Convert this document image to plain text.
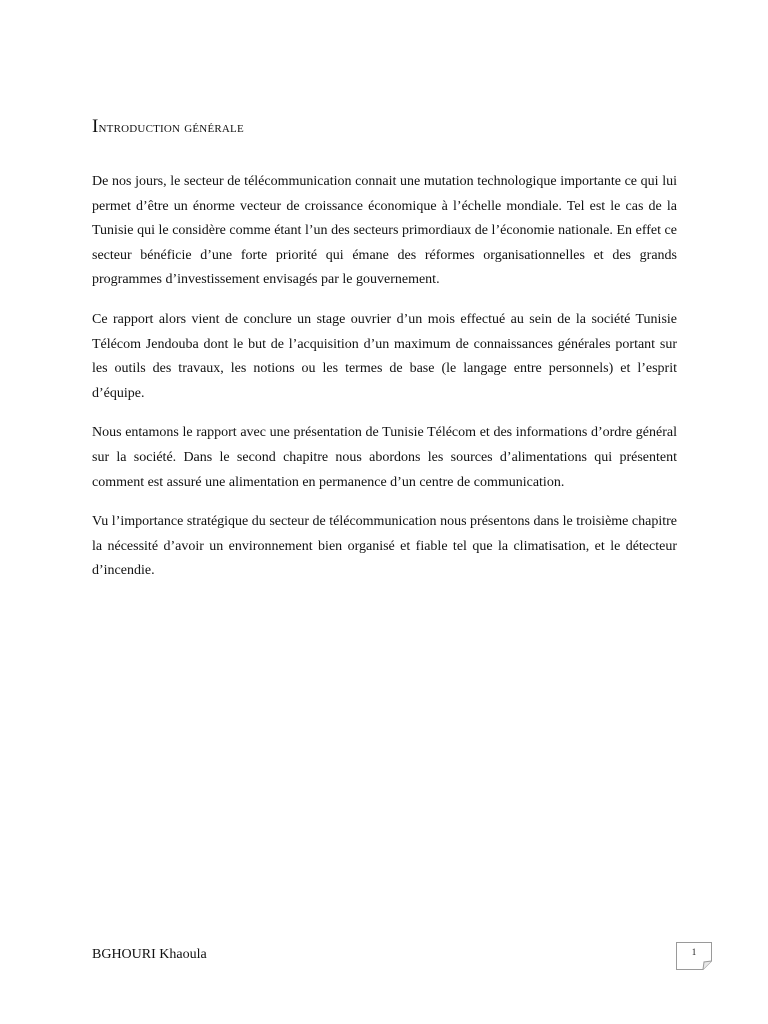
Introduction générale

De nos jours, le secteur de télécommunication connait une mutation technologique importante ce qui lui permet d’être un énorme vecteur de croissance économique à l’échelle mondiale. Tel est le cas de la Tunisie qui le considère comme étant l’un des secteurs primordiaux de l’économie nationale. En effet ce secteur bénéficie d’une forte priorité qui émane des réformes organisationnelles et des grands programmes d’investissement envisagés par le gouvernement.

Ce rapport alors vient de conclure un stage ouvrier d’un mois effectué au sein de la société Tunisie Télécom Jendouba dont le but de l’acquisition d’un maximum de connaissances générales portant sur les outils des travaux, les notions ou les termes de base (le langage entre personnels) et l’esprit d’équipe.

Nous entamons le rapport avec une présentation de Tunisie Télécom et des informations d’ordre général sur la société. Dans le second chapitre nous abordons les sources d’alimentations qui présentent comment est assuré une alimentation en permanence d’un centre de communication.

Vu l’importance stratégique du secteur de télécommunication nous présentons dans le troisième chapitre la nécessité d’avoir un environnement bien organisé et fiable tel que la climatisation, et le détecteur d’incendie.

BGHOURI Khaoula	1
